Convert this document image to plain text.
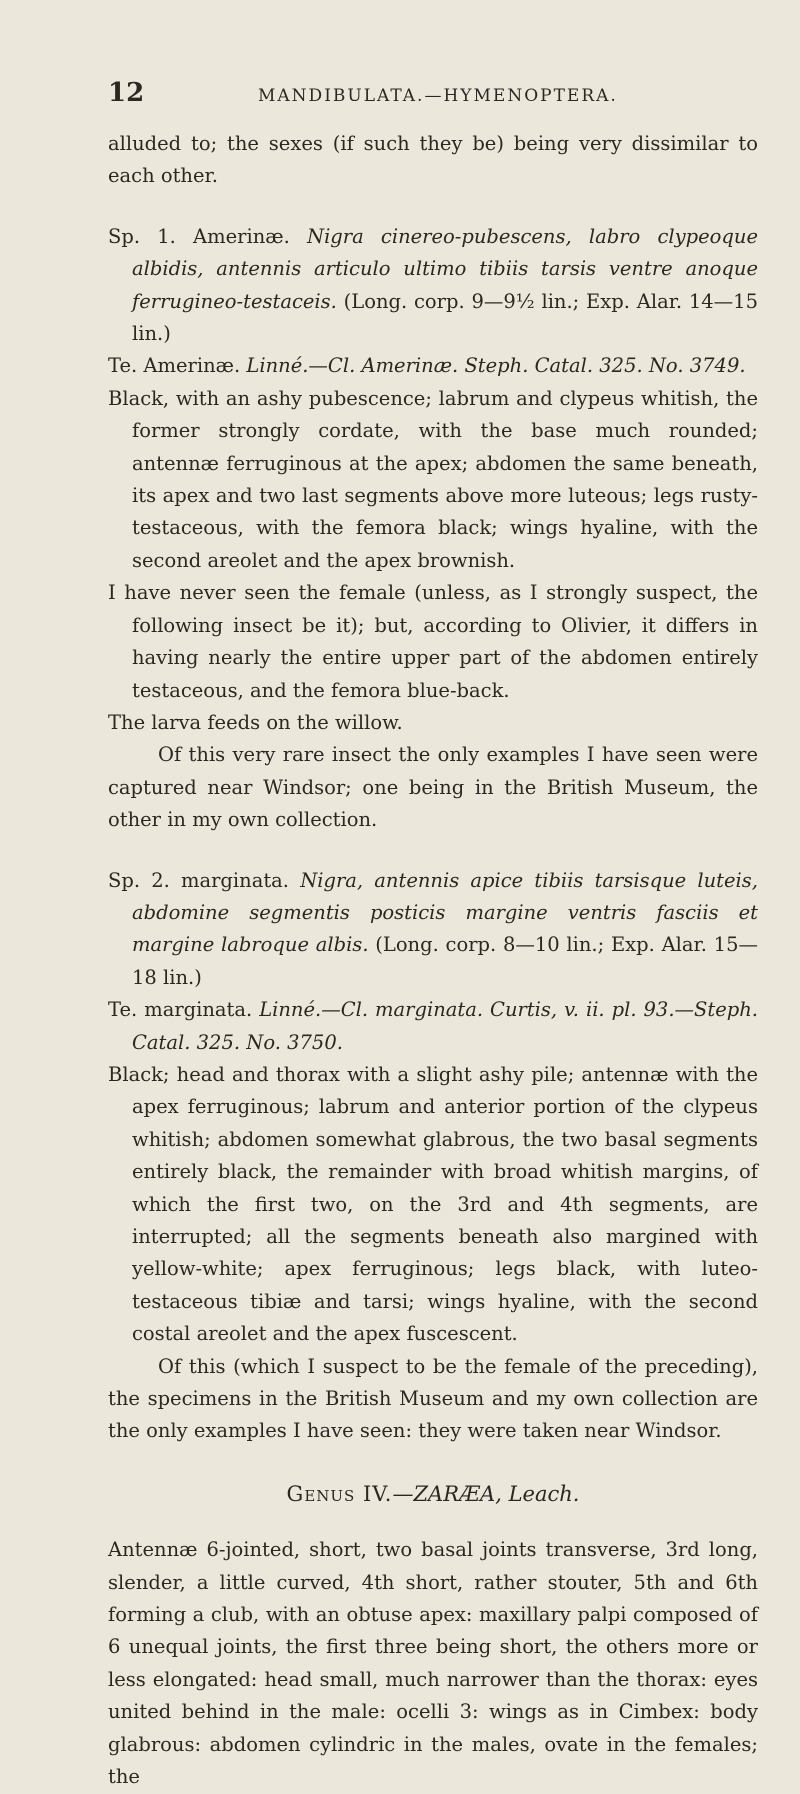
12	MANDIBULATA.—HYMENOPTERA.

alluded to; the sexes (if such they be) being very dissimilar to each other.

Sp. 1. Amerinæ. Nigra cinereo-pubescens, labro clypeoque albidis, antennis articulo ultimo tibiis tarsis ventre anoque ferrugineo-testaceis. (Long. corp. 9—9½ lin.; Exp. Alar. 14—15 lin.)

Te. Amerinæ. Linné.—Cl. Amerinæ. Steph. Catal. 325. No. 3749.

Black, with an ashy pubescence; labrum and clypeus whitish, the former strongly cordate, with the base much rounded; antennæ ferruginous at the apex; abdomen the same beneath, its apex and two last segments above more luteous; legs rusty-testaceous, with the femora black; wings hyaline, with the second areolet and the apex brownish.

I have never seen the female (unless, as I strongly suspect, the following insect be it); but, according to Olivier, it differs in having nearly the entire upper part of the abdomen entirely testaceous, and the femora blue-back.

The larva feeds on the willow.

Of this very rare insect the only examples I have seen were captured near Windsor; one being in the British Museum, the other in my own collection.

Sp. 2. marginata. Nigra, antennis apice tibiis tarsisque luteis, abdomine segmentis posticis margine ventris fasciis et margine labroque albis. (Long. corp. 8—10 lin.; Exp. Alar. 15—18 lin.)

Te. marginata. Linné.—Cl. marginata. Curtis, v. ii. pl. 93.—Steph. Catal. 325. No. 3750.

Black; head and thorax with a slight ashy pile; antennæ with the apex ferruginous; labrum and anterior portion of the clypeus whitish; abdomen somewhat glabrous, the two basal segments entirely black, the remainder with broad whitish margins, of which the first two, on the 3rd and 4th segments, are interrupted; all the segments beneath also margined with yellow-white; apex ferruginous; legs black, with luteo-testaceous tibiæ and tarsi; wings hyaline, with the second costal areolet and the apex fuscescent.

Of this (which I suspect to be the female of the preceding), the specimens in the British Museum and my own collection are the only examples I have seen: they were taken near Windsor.

Genus IV.—ZARÆA, Leach.

Antennæ 6-jointed, short, two basal joints transverse, 3rd long, slender, a little curved, 4th short, rather stouter, 5th and 6th forming a club, with an obtuse apex: maxillary palpi composed of 6 unequal joints, the first three being short, the others more or less elongated: head small, much narrower than the thorax: eyes united behind in the male: ocelli 3: wings as in Cimbex: body glabrous: abdomen cylindric in the males, ovate in the females; the
